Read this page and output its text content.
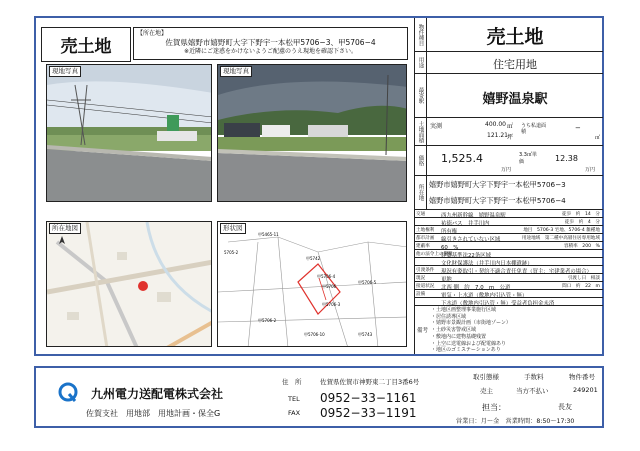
売土地
【所在地】
佐賀県嬉野市嬉野町大字下野宇一本松甲5706−3、甲5706−4
※近隣にご迷惑をかけないようご配慮のうえ現地を確認下さい。
現地写真	現地写真
所在地図	形状図
甲5706-4
甲5706-3
甲5742
甲5706-5
甲5706-2
甲5706-10	甲5743
甲5465-11
甲5706
5705-2
物件種目	売土地
用途	住宅用地
最寄駅	嬉野温泉駅
土地面積	実測	400.00 ㎡
121.21 坪
うち私道面積	−
㎡
価格	1,525.4
万円
3.3㎡単価	12.38
万円
所在地 嬉野市嬉野町大字下野宇一本松甲5706−3
嬉野市嬉野町大字下野宇一本松甲5706−4
交通	西九州新幹線　嬉野温泉駅	徒歩　約　14　分
祐徳バス　井手川内	徒歩　約　4　分
土地権利 所有権	地目　5706-3 宅地、5706-4 雑種地
都市計画 線引きされていない区域	用途地域　第二種中高層住居専用地域
建蔽率 60　%	容積率　200　%
他の法令上の制限
建築基準法22条区域
文化財保護法（井手川内日本棚遺跡）
引渡条件 現況有姿取引・契約不適合責任免責（買主：宅建業者の場合）
現況	更地	引渡し日　相談
接道状況 北西 側　約　7.0　m　公道	間口　約　22　m
設備	電気・上水道（敷地内引込管・無）
下水道（敷地内引込管・無）受益者負担金未済
備考
・土地区画整理事業施行区域
・居住誘導区域
・嬉野市景観計画（市街地ゾーン）
・土砂災害警戒区域
・敷地内に建物基礎残置
・上空に送電線および配電線あり
・地区のゴミステーションあり
九州電力送配電株式会社
佐賀支社　用地部　用地計画・保全G
住　所	佐賀県佐賀市神野東二丁目3番6号
TEL 0952−33−1161
FAX 0952−33−1191
取引態様	手数料	物件番号
売主	当方不払い	249201
担当：	長友
営業日：月〜金　営業時間：8:50〜17:30
